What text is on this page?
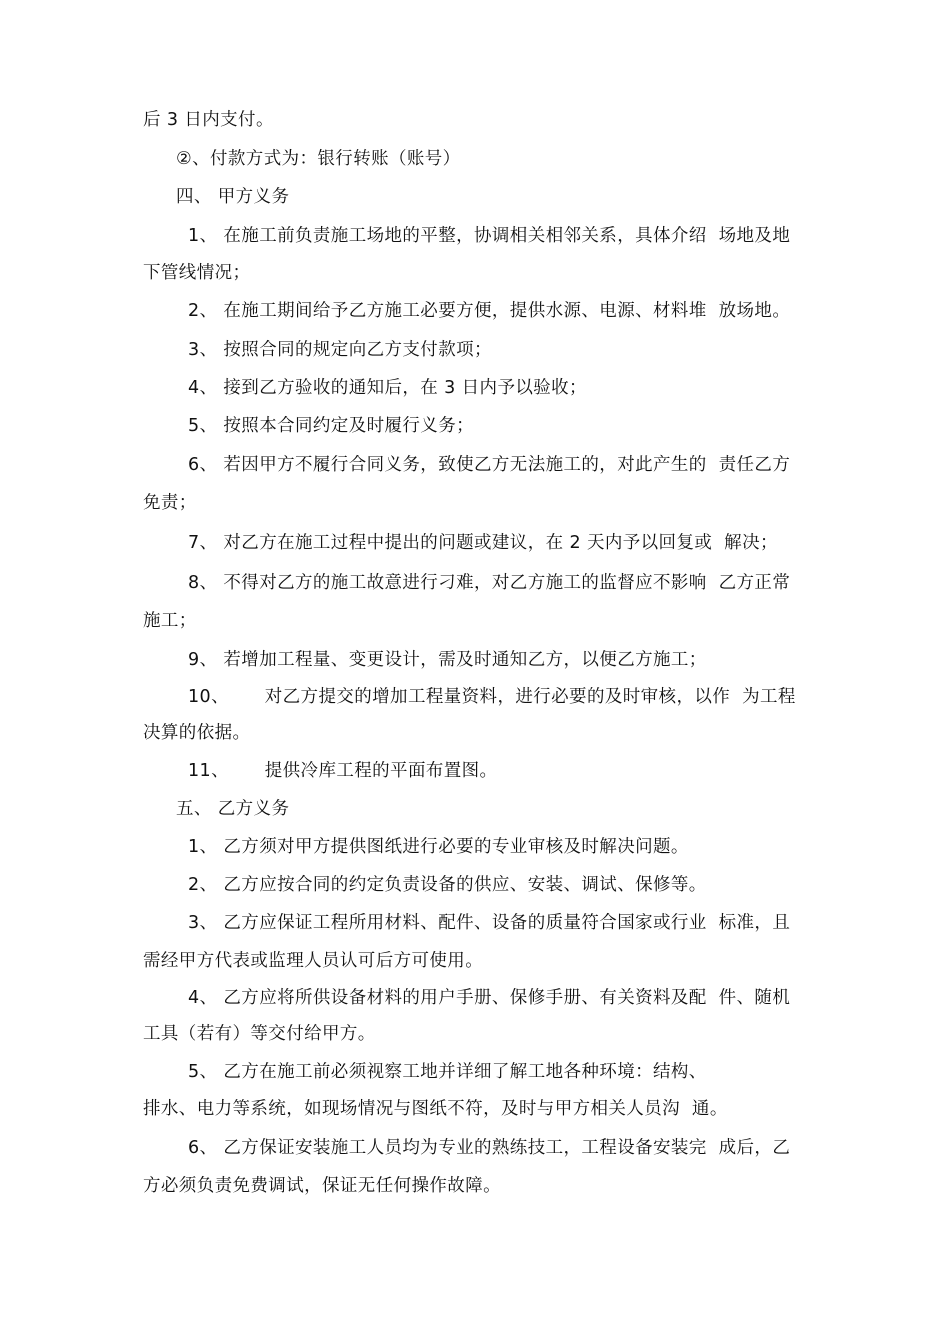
后 3 日内支付。
②、付款方式为：银行转账（账号）
四、 甲方义务
1、 在施工前负责施工场地的平整，协调相关相邻关系，具体介绍  场地及地
下管线情况；
2、 在施工期间给予乙方施工必要方便，提供水源、电源、材料堆  放场地。
3、 按照合同的规定向乙方支付款项；
4、 接到乙方验收的通知后，在 3 日内予以验收；
5、 按照本合同约定及时履行义务；
6、 若因甲方不履行合同义务，致使乙方无法施工的，对此产生的  责任乙方
免责；
7、 对乙方在施工过程中提出的问题或建议，在 2 天内予以回复或  解决；
8、 不得对乙方的施工故意进行刁难，对乙方施工的监督应不影响  乙方正常
施工；
9、 若增加工程量、变更设计，需及时通知乙方，以便乙方施工；
10、      对乙方提交的增加工程量资料，进行必要的及时审核，以作  为工程
决算的依据。
11、      提供冷库工程的平面布置图。
五、 乙方义务
1、 乙方须对甲方提供图纸进行必要的专业审核及时解决问题。
2、 乙方应按合同的约定负责设备的供应、安装、调试、保修等。
3、 乙方应保证工程所用材料、配件、设备的质量符合国家或行业  标准，且
需经甲方代表或监理人员认可后方可使用。
4、 乙方应将所供设备材料的用户手册、保修手册、有关资料及配  件、随机
工具（若有）等交付给甲方。
5、 乙方在施工前必须视察工地并详细了解工地各种环境：结构、
排水、电力等系统，如现场情况与图纸不符，及时与甲方相关人员沟  通。
6、 乙方保证安装施工人员均为专业的熟练技工，工程设备安装完  成后，乙
方必须负责免费调试，保证无任何操作故障。
